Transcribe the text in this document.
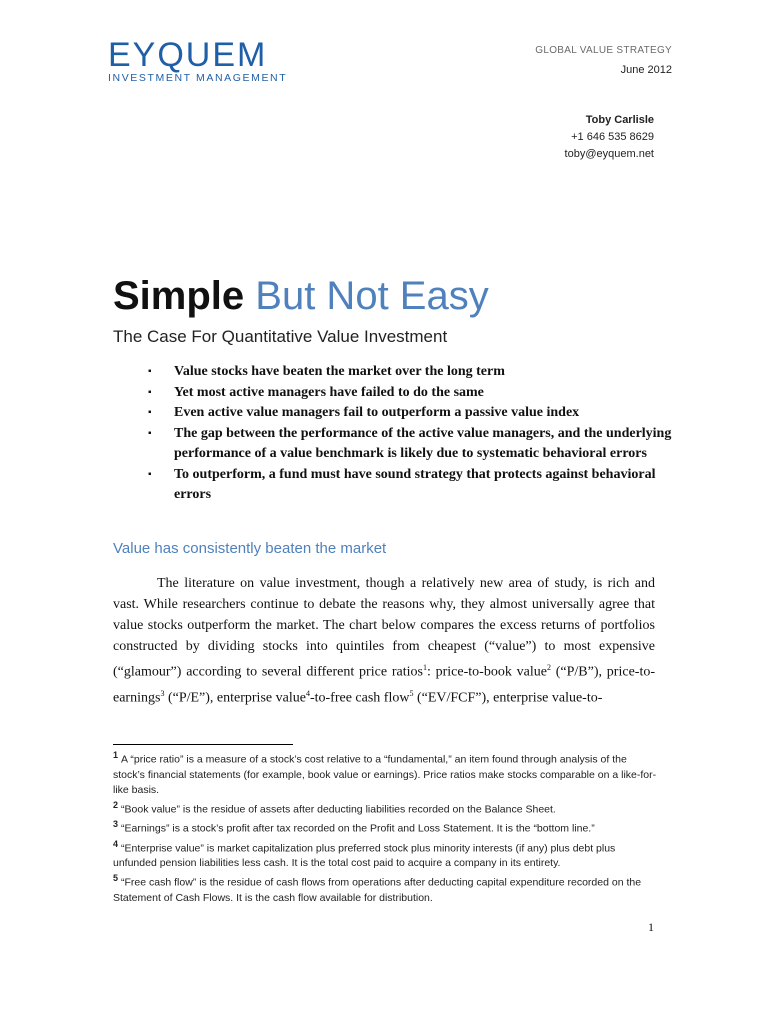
EYQUEM
INVESTMENT MANAGEMENT
GLOBAL VALUE STRATEGY
June 2012
Toby Carlisle
+1 646 535 8629
toby@eyquem.net
Simple But Not Easy
The Case For Quantitative Value Investment
▪ Value stocks have beaten the market over the long term
▪ Yet most active managers have failed to do the same
▪ Even active value managers fail to outperform a passive value index
▪ The gap between the performance of the active value managers, and the underlying performance of a value benchmark is likely due to systematic behavioral errors
▪ To outperform, a fund must have sound strategy that protects against behavioral errors
Value has consistently beaten the market
The literature on value investment, though a relatively new area of study, is rich and vast. While researchers continue to debate the reasons why, they almost universally agree that value stocks outperform the market. The chart below compares the excess returns of portfolios constructed by dividing stocks into quintiles from cheapest (“value”) to most expensive (“glamour”) according to several different price ratios$^1$: price-to-book value$^2$ (“P/B”), price-to-earnings$^3$ (“P/E”), enterprise value$^4$-to-free cash flow$^5$ (“EV/FCF”), enterprise value-to-
$^1$ A “price ratio” is a measure of a stock’s cost relative to a “fundamental,” an item found through analysis of the stock’s financial statements (for example, book value or earnings). Price ratios make stocks comparable on a like-for-like basis.
$^2$ “Book value” is the residue of assets after deducting liabilities recorded on the Balance Sheet.
$^3$ “Earnings” is a stock’s profit after tax recorded on the Profit and Loss Statement. It is the “bottom line.”
$^4$ “Enterprise value” is market capitalization plus preferred stock plus minority interests (if any) plus debt plus unfunded pension liabilities less cash. It is the total cost paid to acquire a company in its entirety.
$^5$ “Free cash flow” is the residue of cash flows from operations after deducting capital expenditure recorded on the Statement of Cash Flows. It is the cash flow available for distribution.
1
